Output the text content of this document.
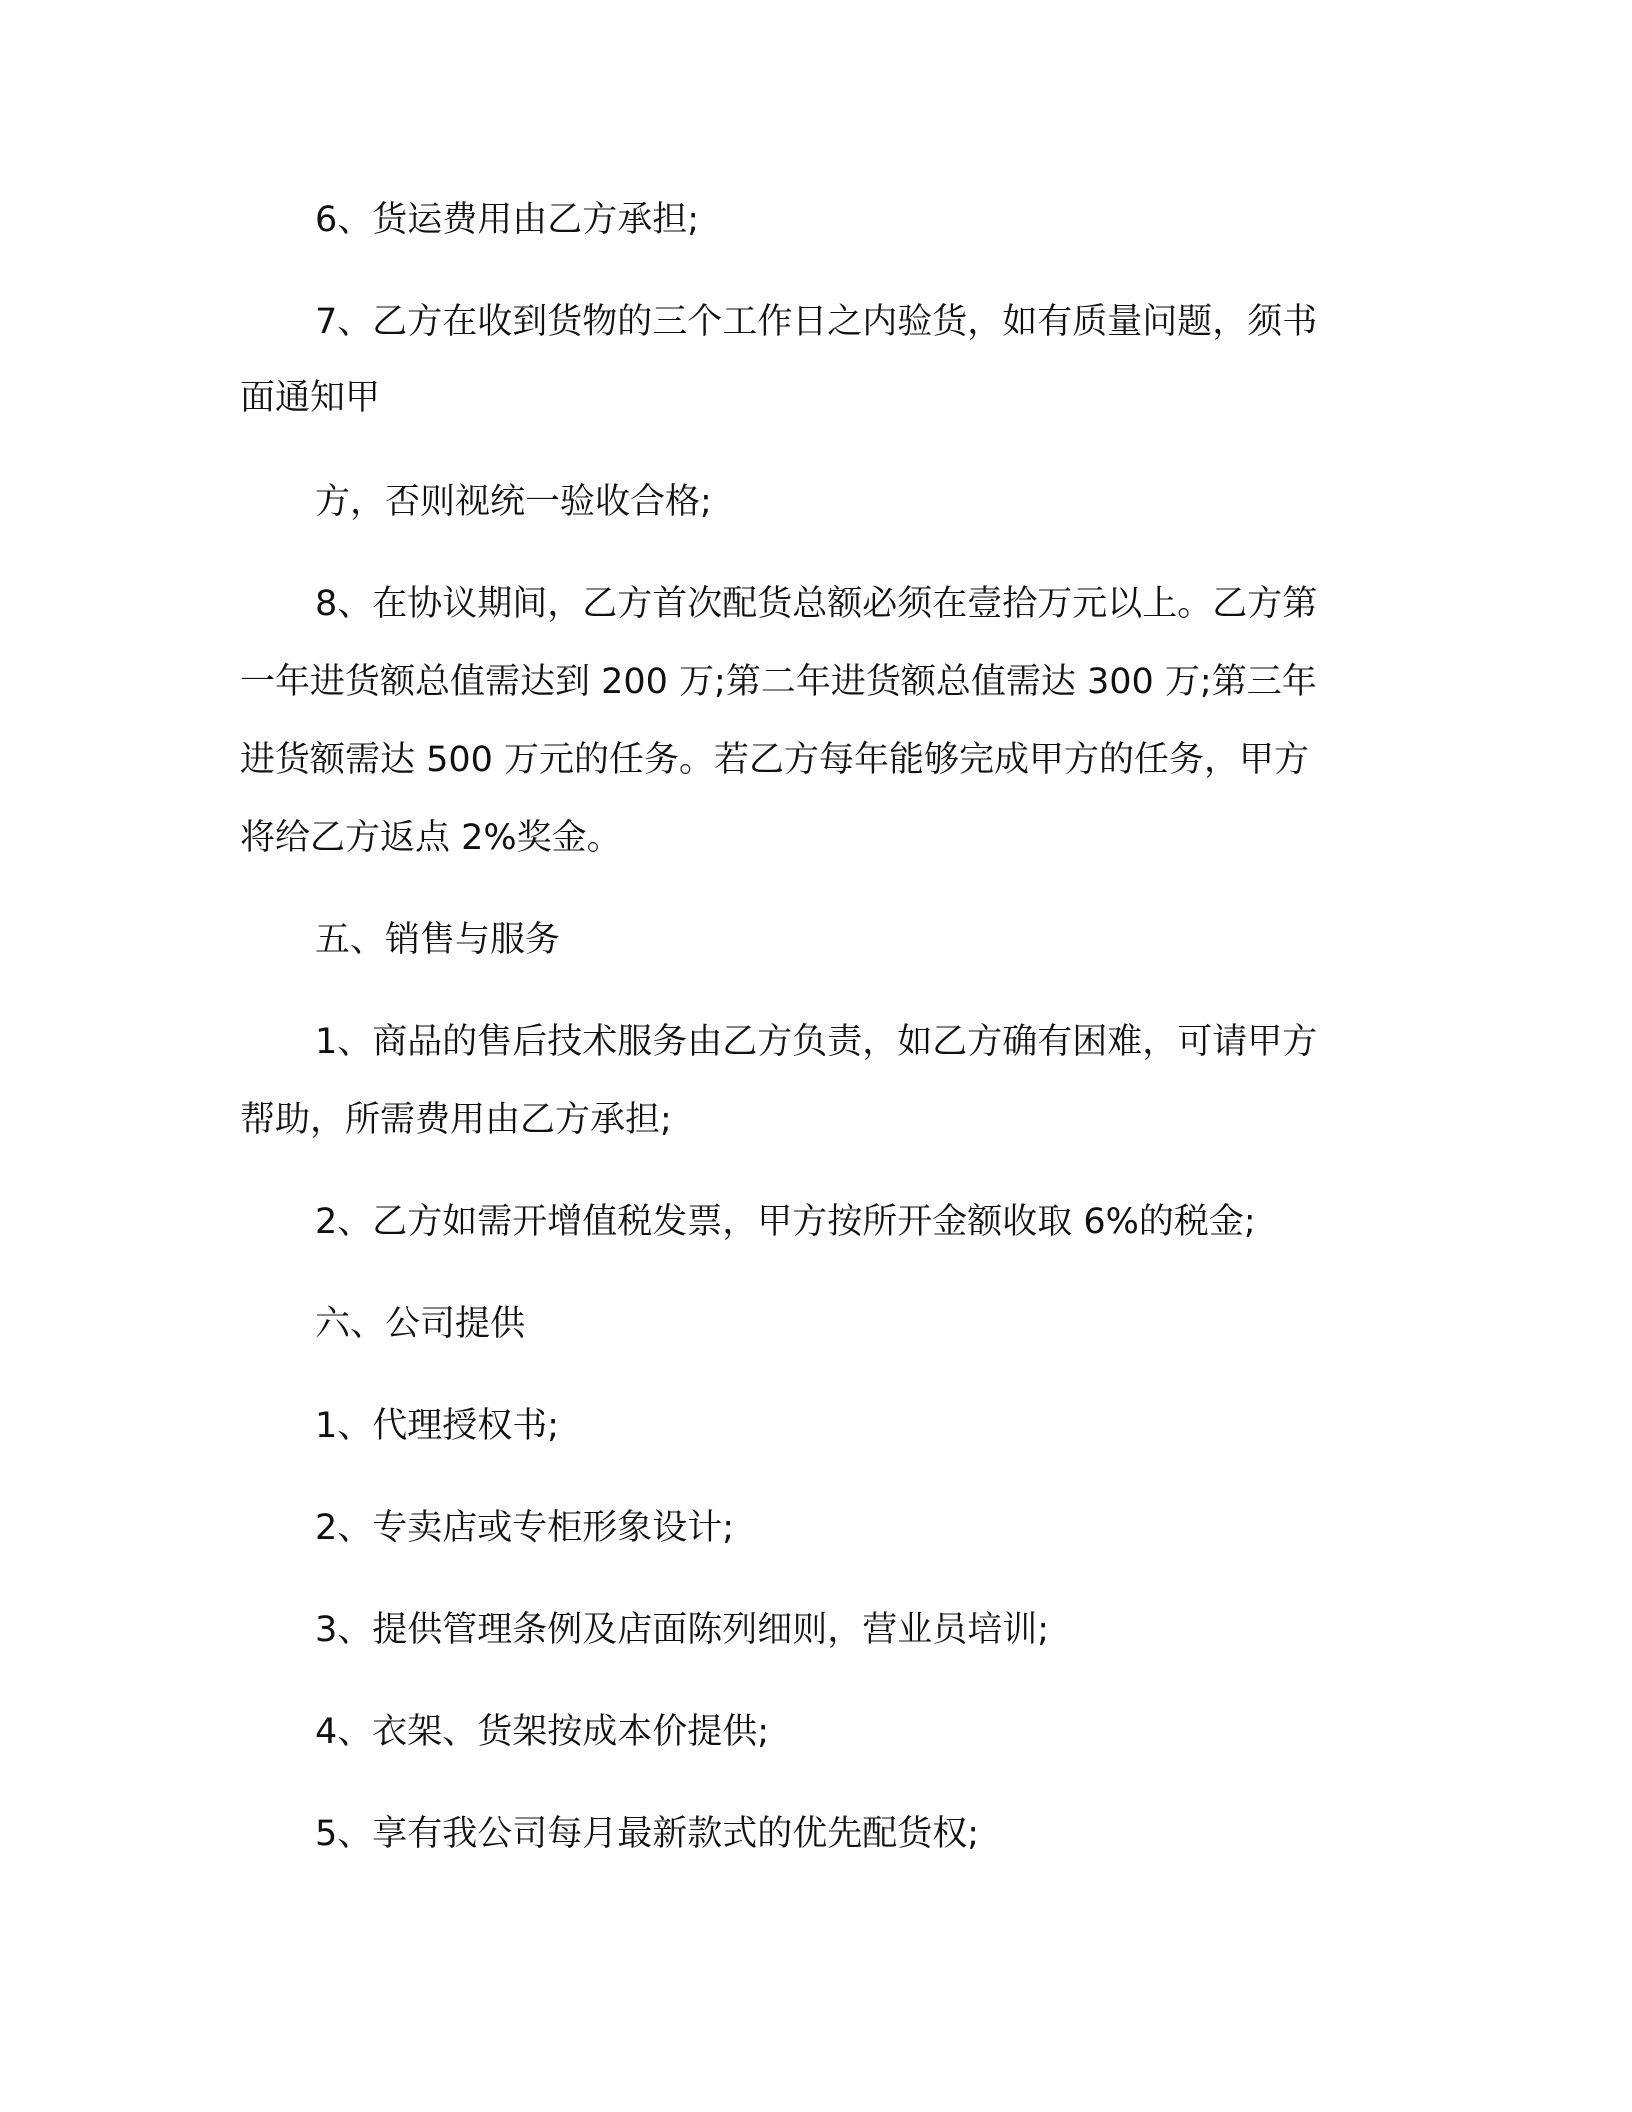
6、货运费用由乙方承担;

7、乙方在收到货物的三个工作日之内验货，如有质量问题，须书

面通知甲

方，否则视统一验收合格;

8、在协议期间，乙方首次配货总额必须在壹拾万元以上。乙方第

一年进货额总值需达到 200 万;第二年进货额总值需达 300 万;第三年

进货额需达 500 万元的任务。若乙方每年能够完成甲方的任务，甲方

将给乙方返点 2%奖金。

五、销售与服务

1、商品的售后技术服务由乙方负责，如乙方确有困难，可请甲方

帮助，所需费用由乙方承担;

2、乙方如需开增值税发票，甲方按所开金额收取 6%的税金;

六、公司提供

1、代理授权书;

2、专卖店或专柜形象设计;

3、提供管理条例及店面陈列细则，营业员培训;

4、衣架、货架按成本价提供;

5、享有我公司每月最新款式的优先配货权;
